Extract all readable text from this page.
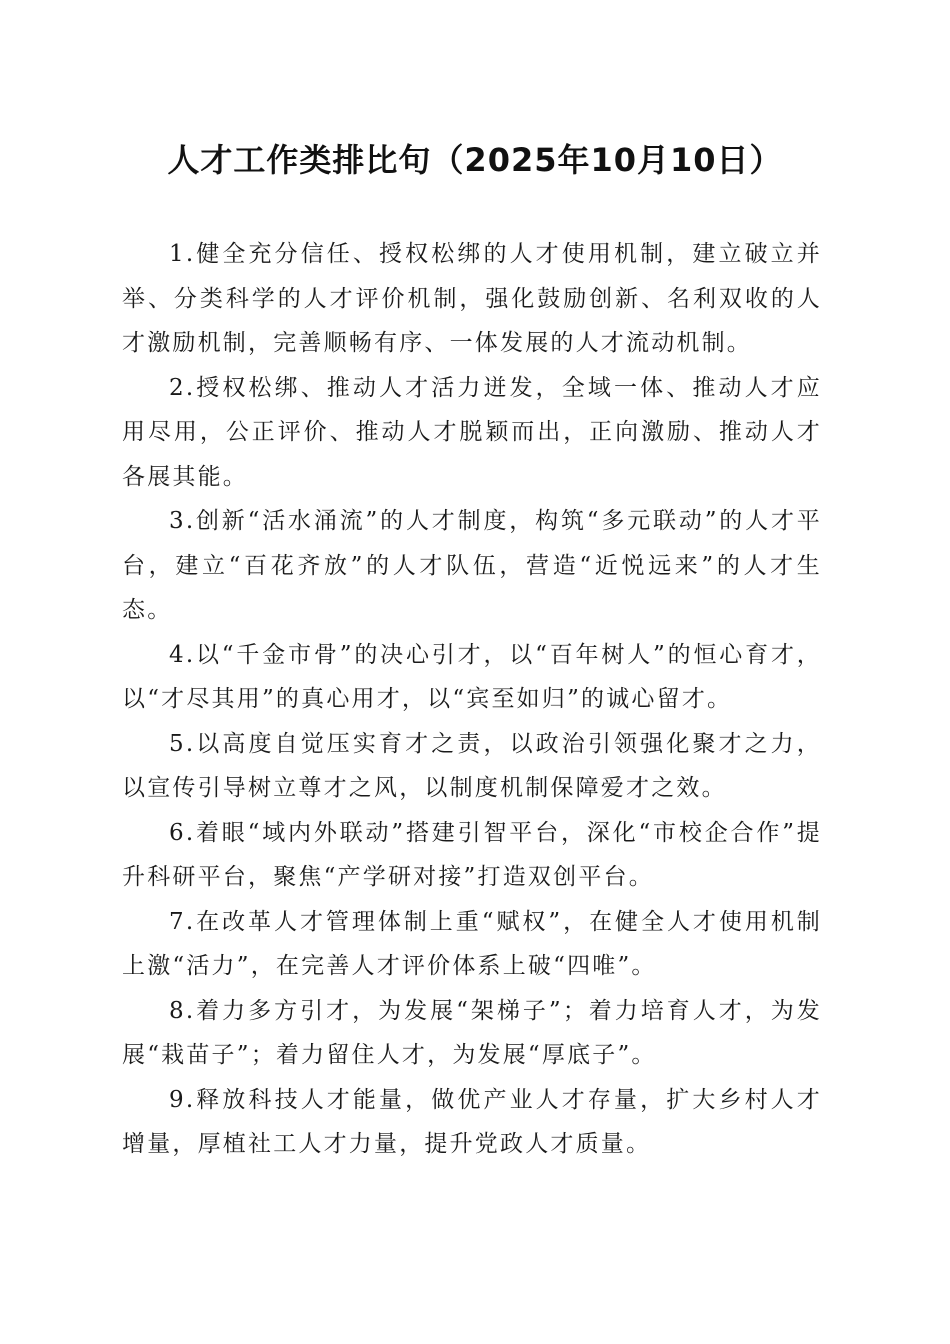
人才工作类排比句（2025年10月10日）

1.健全充分信任、授权松绑的人才使用机制，建立破立并举、分类科学的人才评价机制，强化鼓励创新、名利双收的人才激励机制，完善顺畅有序、一体发展的人才流动机制。

2.授权松绑、推动人才活力迸发，全域一体、推动人才应用尽用，公正评价、推动人才脱颖而出，正向激励、推动人才各展其能。

3.创新“活水涌流”的人才制度，构筑“多元联动”的人才平台，建立“百花齐放”的人才队伍，营造“近悦远来”的人才生态。

4.以“千金市骨”的决心引才，以“百年树人”的恒心育才，以“才尽其用”的真心用才，以“宾至如归”的诚心留才。

5.以高度自觉压实育才之责，以政治引领强化聚才之力，以宣传引导树立尊才之风，以制度机制保障爱才之效。

6.着眼“域内外联动”搭建引智平台，深化“市校企合作”提升科研平台，聚焦“产学研对接”打造双创平台。

7.在改革人才管理体制上重“赋权”，在健全人才使用机制上激“活力”，在完善人才评价体系上破“四唯”。

8.着力多方引才，为发展“架梯子”；着力培育人才，为发展“栽苗子”；着力留住人才，为发展“厚底子”。

9.释放科技人才能量，做优产业人才存量，扩大乡村人才增量，厚植社工人才力量，提升党政人才质量。
